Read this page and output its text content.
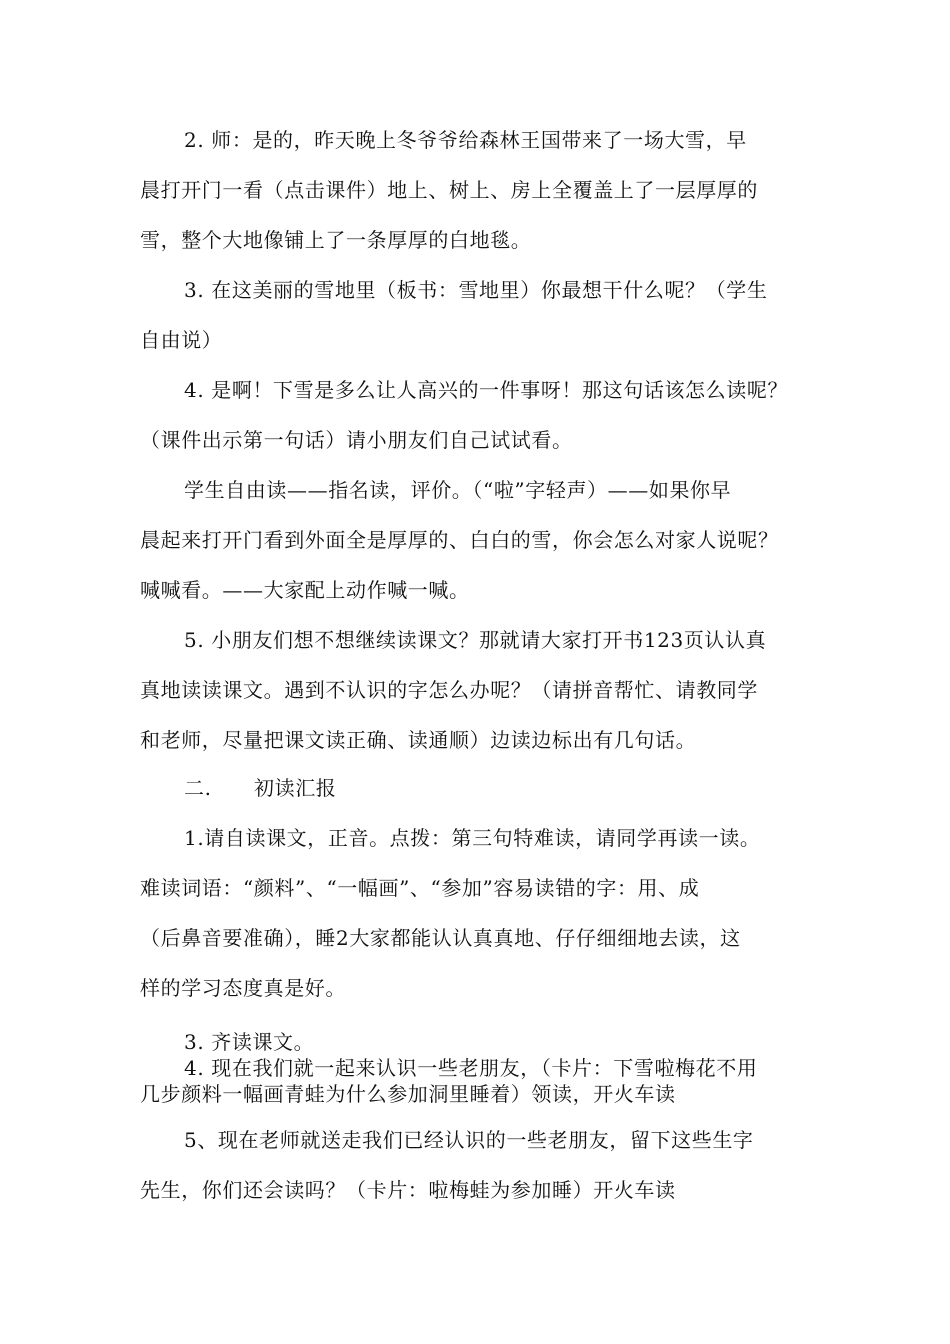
2. 师：是的，昨天晚上冬爷爷给森林王国带来了一场大雪，早
晨打开门一看（点击课件）地上、树上、房上全覆盖上了一层厚厚的
雪，整个大地像铺上了一条厚厚的白地毯。
3. 在这美丽的雪地里（板书：雪地里）你最想干什么呢？（学生
自由说）
4. 是啊！下雪是多么让人高兴的一件事呀！那这句话该怎么读呢？
（课件出示第一句话）请小朋友们自己试试看。
学生自由读——指名读，评价。（“啦”字轻声）——如果你早
晨起来打开门看到外面全是厚厚的、白白的雪，你会怎么对家人说呢？
喊喊看。——大家配上动作喊一喊。
5. 小朋友们想不想继续读课文？那就请大家打开书123页认认真
真地读读课文。遇到不认识的字怎么办呢？（请拼音帮忙、请教同学
和老师，尽量把课文读正确、读通顺）边读边标出有几句话。
二. 初读汇报
1.请自读课文，正音。点拨：第三句特难读，请同学再读一读。
难读词语：“颜料”、“一幅画”、“参加”容易读错的字：用、成
（后鼻音要准确），睡2大家都能认认真真地、仔仔细细地去读，这
样的学习态度真是好。
3. 齐读课文。
4. 现在我们就一起来认识一些老朋友，（卡片：下雪啦梅花不用
几步颜料一幅画青蛙为什么参加洞里睡着）领读，开火车读
5、现在老师就送走我们已经认识的一些老朋友，留下这些生字
先生，你们还会读吗？（卡片：啦梅蛙为参加睡）开火车读
